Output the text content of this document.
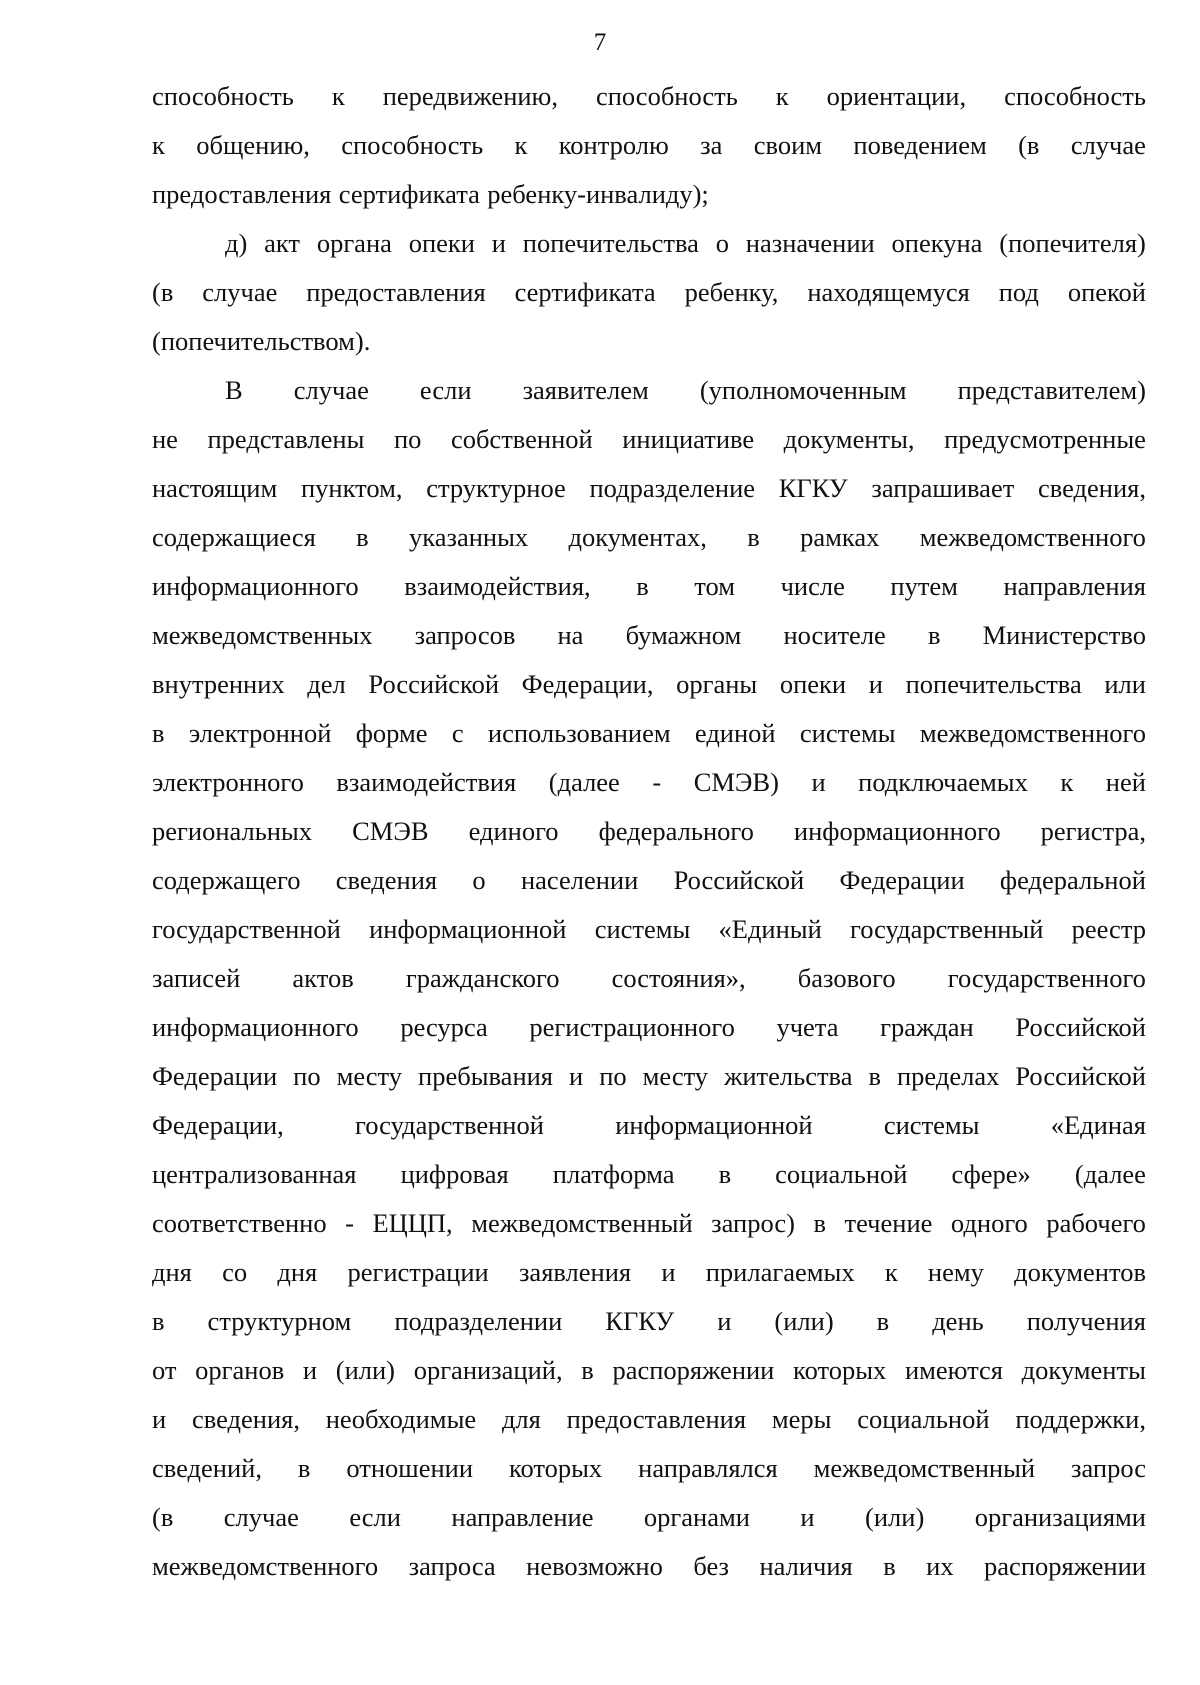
7
способность к передвижению, способность к ориентации, способность
к общению, способность к контролю за своим поведением (в случае
предоставления сертификата ребенку-инвалиду);
д) акт органа опеки и попечительства о назначении опекуна (попечителя)
(в случае предоставления сертификата ребенку, находящемуся под опекой
(попечительством).
В случае если заявителем (уполномоченным представителем)
не представлены по собственной инициативе документы, предусмотренные
настоящим пунктом, структурное подразделение КГКУ запрашивает сведения,
содержащиеся в указанных документах, в рамках межведомственного
информационного взаимодействия, в том числе путем направления
межведомственных запросов на бумажном носителе в Министерство
внутренних дел Российской Федерации, органы опеки и попечительства или
в электронной форме с использованием единой системы межведомственного
электронного взаимодействия (далее - СМЭВ) и подключаемых к ней
региональных СМЭВ единого федерального информационного регистра,
содержащего сведения о населении Российской Федерации федеральной
государственной информационной системы «Единый государственный реестр
записей актов гражданского состояния», базового государственного
информационного ресурса регистрационного учета граждан Российской
Федерации по месту пребывания и по месту жительства в пределах Российской
Федерации,	государственной	информационной	системы	«Единая
централизованная цифровая платформа в социальной сфере» (далее
соответственно - ЕЦЦП, межведомственный запрос) в течение одного рабочего
дня со дня регистрации заявления и прилагаемых к нему документов
в структурном подразделении КГКУ и (или) в день получения
от органов и (или) организаций, в распоряжении которых имеются документы
и сведения, необходимые для предоставления меры социальной поддержки,
сведений, в отношении которых направлялся межведомственный запрос
(в случае если направление органами и (или) организациями
межведомственного запроса невозможно без наличия в их распоряжении
